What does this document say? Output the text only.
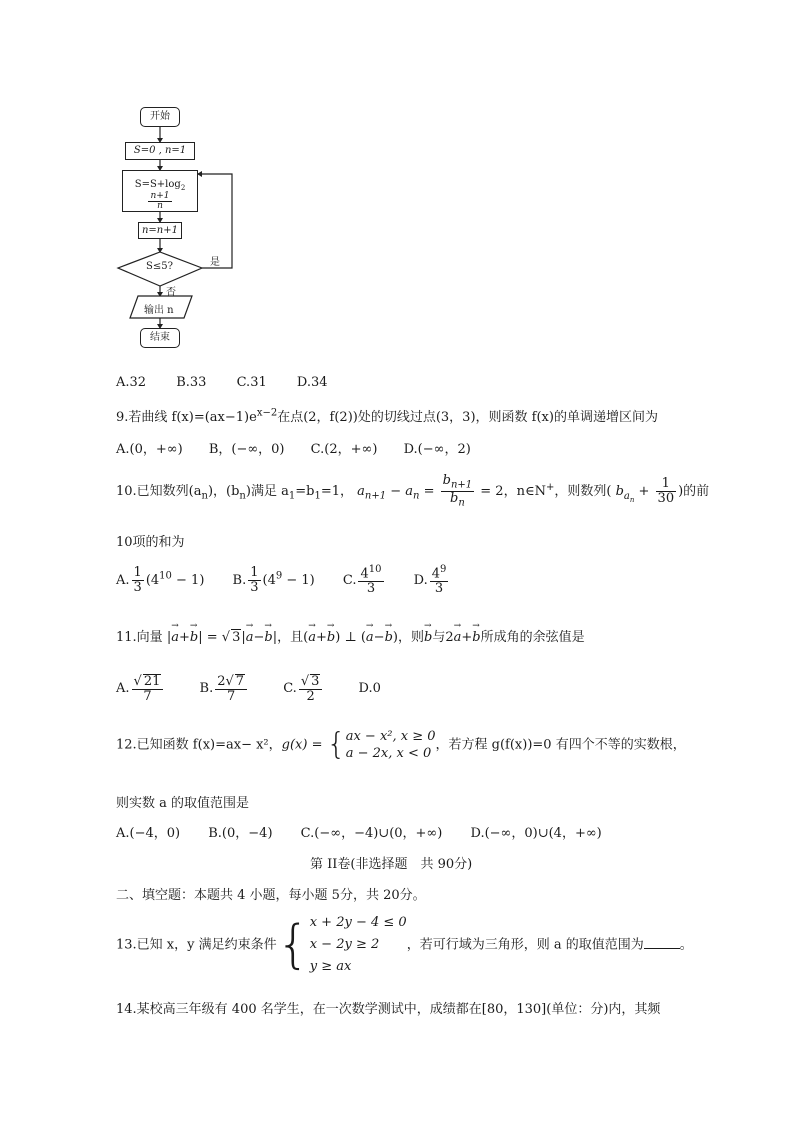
开始
S=0 , n=1
$S=S+\log_2$
$\frac{n+1}{n}$
n=n+1
S≤5?	是
否
输出 n
结束
A.32 B.33 C.31 D.34
9.若曲线 $f(x)=(ax-1)e^{x-2}$在点(2，f(2))处的切线过点(3，3)，则函数 f(x)的单调递增区间为
A.(0，+∞) B，(−∞，0) C.(2，+∞) D.(−∞，2)
10.已知数列$(a_n)$，$(b_n)$满足 $a_1=b_1=1$， $a_{n+1} - a_n = \frac{b_{n+1}}{b_n} = 2$，n∈N+，则数列( $b_{a_n} + \frac{1}{30}$ )的前
10项的和为
A. $\frac{1}{3} (4^{10} - 1)$ B. $\frac{1}{3} (4^9 - 1)$ C. $\frac{4^{10}}{3} D$. $\frac{4^9}{3}$
11.向量 |→ a+→ b| = √ 3|→ a−→ b|，且(→ a+→ b) ⊥ (→ a−→ b)，则→ b与2→ a+→ b所成角的余弦值是
A. $\frac{√ 21}{7}$	B. $\frac{2√ 7}{7}$	C. $\frac{√ 3}{2}$	D.0
12.已知函数 f(x)=ax− x²，g(x) = { ax − x², x ≥ 0
a − 2x, x < 0
，若方程 g(f(x))=0 有四个不等的实数根，
则实数 a 的取值范围是
A.(−4，0) B.(0，−4) C.(−∞，−4)∪(0，+∞) D.(−∞，0)∪(4，+∞)
第 II卷(非选择题　共 90分)
二、填空题：本题共 4 小题，每小题 5分，共 20分。
13.已知 x，y 满足约束条件{ x + 2y − 4 ≤ 0
x − 2y ≥ 2
y ≥ ax
，若可行域为三角形，则 a 的取值范围为	。
14.某校高三年级有 400 名学生，在一次数学测试中，成绩都在[80，130](单位：分)内，其频
